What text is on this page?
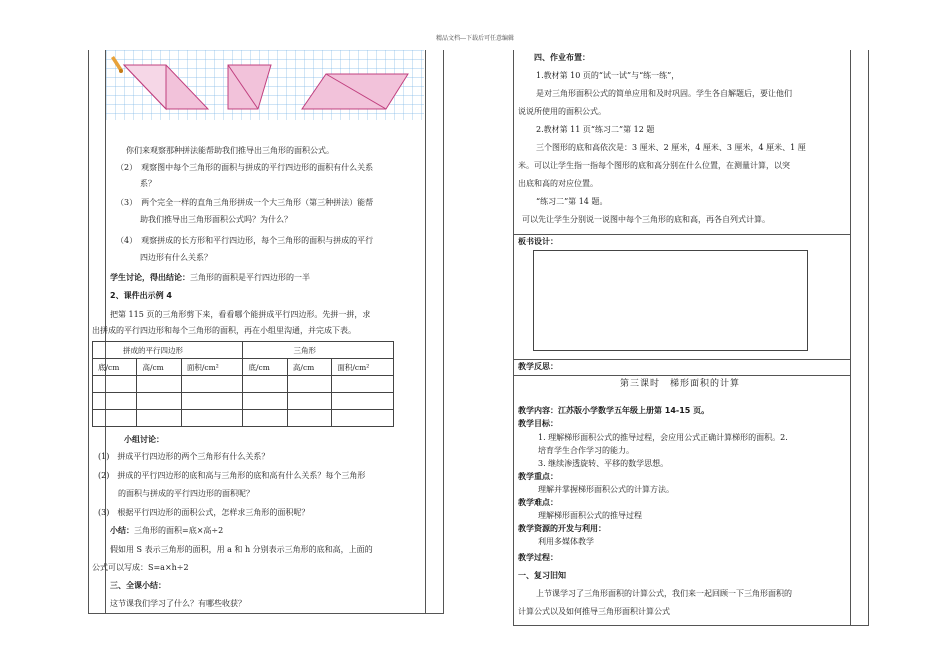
精品文档---下载后可任意编辑
你们来观察那种拼法能帮助我们推导出三角形的面积公式。
（2）　观察图中每个三角形的面积与拼成的平行四边形的面积有什么关系
系？
（3）　两个完全一样的直角三角形拼成一个大三角形（第三种拼法）能帮
助我们推导出三角形面积公式吗？为什么？
（4）　观察拼成的长方形和平行四边形，每个三角形的面积与拼成的平行
四边形有什么关系？
学生讨论，得出结论：三角形的面积是平行四边形的一半
2、课件出示例 4
把第 115 页的三角形剪下来，看看哪个能拼成平行四边形。先拼一拼，求
出拼成的平行四边形和每个三角形的面积，再在小组里沟通，并完成下表。
拼成的平行四边形			三角形		
底/cm	高/cm	面积/cm²	底/cm	高/cm	面积/cm²

小组讨论：
(1)　拼成平行四边形的两个三角形有什么关系？
(2)　拼成的平行四边形的底和高与三角形的底和高有什么关系？每个三角形
的面积与拼成的平行四边形的面积呢？
(3)　根据平行四边形的面积公式，怎样求三角形的面积呢？
小结：三角形的面积=底×高÷2
假如用 S 表示三角形的面积，用 a 和 h 分别表示三角形的底和高，上面的
公式可以写成：S=a×h÷2
三、全课小结：
这节课我们学习了什么？有哪些收获？
四、作业布置：
1.教材第 10 页的“试一试”与“练一练”，
是对三角形面积公式的简单应用和及时巩固。学生各自解题后，要让他们
说说所使用的面积公式。
2.教材第 11 页“练习二”第 12 题
三个图形的底和高依次是：3 厘米、2 厘米，4 厘米、3 厘米，4 厘米、1 厘
米。可以让学生指一指每个图形的底和高分别在什么位置，在测量计算，以突
出底和高的对应位置。
“练习二”第 14 题。
可以先让学生分别说一说图中每个三角形的底和高，再各自列式计算。
板书设计：
教学反思：
第三课时　梯形面积的计算
教学内容：江苏版小学数学五年级上册第 14-15 页。
教学目标：
1. 理解梯形面积公式的推导过程，会应用公式正确计算梯形的面积。2.
培育学生合作学习的能力。
3. 继续渗透旋转、平移的数学思想。
教学重点：
理解并掌握梯形面积公式的计算方法。
教学难点：
理解梯形面积公式的推导过程
教学资源的开发与利用：
利用多媒体教学
教学过程：
一、复习旧知
上节课学习了三角形面积的计算公式，我们来一起回顾一下三角形面积的
计算公式以及如何推导三角形面积计算公式
